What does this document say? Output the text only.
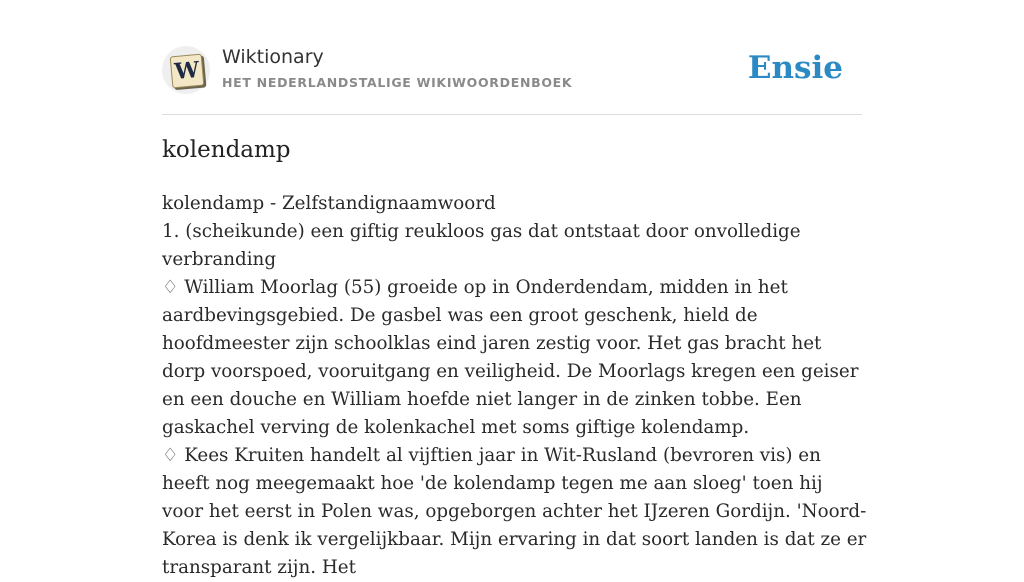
W Wiktionary
HET NEDERLANDSTALIGE WIKIWOORDENBOEK	Ensie
kolendamp

kolendamp - Zelfstandignaamwoord

1. (scheikunde) een giftig reukloos gas dat ontstaat door onvolledige verbranding

♢ William Moorlag (55) groeide op in Onderdendam, midden in het aardbevingsgebied. De gasbel was een groot geschenk, hield de hoofdmeester zijn schoolklas eind jaren zestig voor. Het gas bracht het dorp voorspoed, vooruitgang en veiligheid. De Moorlags kregen een geiser en een douche en William hoefde niet langer in de zinken tobbe. Een gaskachel verving de kolenkachel met soms giftige kolendamp.

♢ Kees Kruiten handelt al vijftien jaar in Wit-Rusland (bevroren vis) en heeft nog meegemaakt hoe 'de kolendamp tegen me aan sloeg' toen hij voor het eerst in Polen was, opgeborgen achter het IJzeren Gordijn. 'Noord-Korea is denk ik vergelijkbaar. Mijn ervaring in dat soort landen is dat ze er transparant zijn. Het
